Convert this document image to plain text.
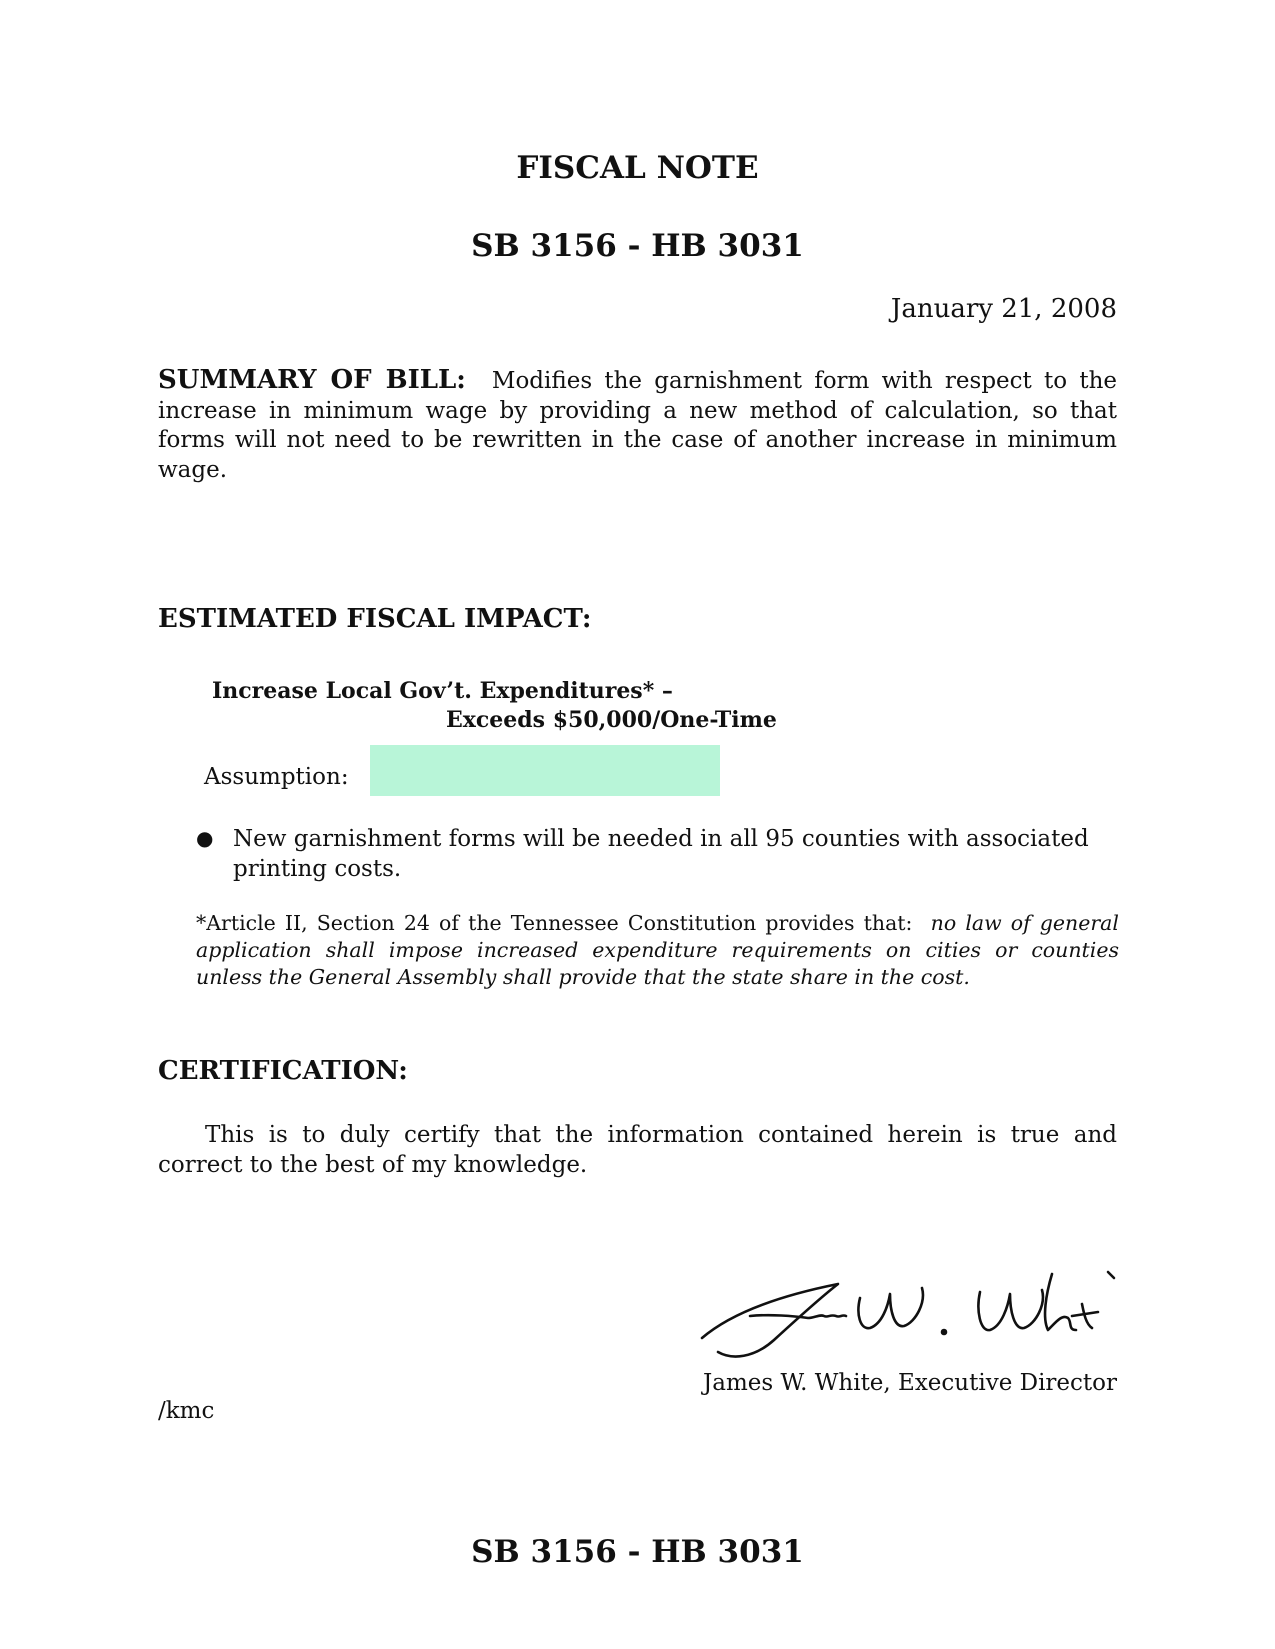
FISCAL NOTE
SB 3156 - HB 3031
January 21, 2008
SUMMARY OF BILL: Modifies the garnishment form with respect to the increase in minimum wage by providing a new method of calculation, so that forms will not need to be rewritten in the case of another increase in minimum wage.
ESTIMATED FISCAL IMPACT:
Increase Local Gov’t. Expenditures* –
Exceeds $50,000/One-Time
Assumption:
● New garnishment forms will be needed in all 95 counties with associated printing costs.
*Article II, Section 24 of the Tennessee Constitution provides that: no law of general application shall impose increased expenditure requirements on cities or counties unless the General Assembly shall provide that the state share in the cost.
CERTIFICATION:
This is to duly certify that the information contained herein is true and correct to the best of my knowledge.
James W. White, Executive Director
/kmc
SB 3156 - HB 3031
